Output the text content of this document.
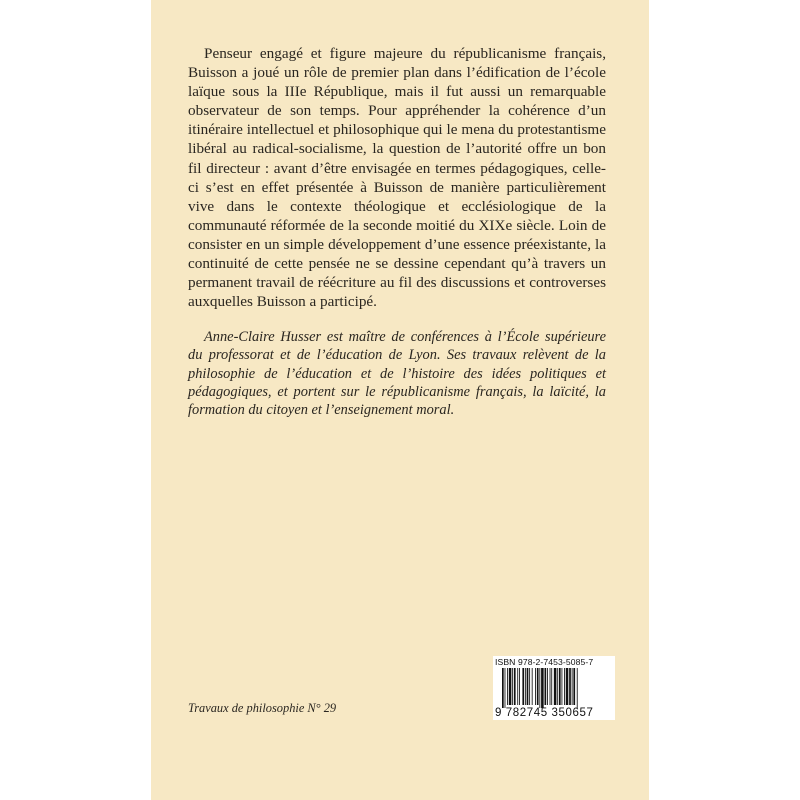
Penseur engagé et figure majeure du républicanisme français, Buisson a joué un rôle de premier plan dans l’édification de l’école laïque sous la IIIe République, mais il fut aussi un remarquable observateur de son temps. Pour appréhender la cohérence d’un itinéraire intellectuel et philosophique qui le mena du protestantisme libéral au radical-socialisme, la question de l’autorité offre un bon fil directeur : avant d’être envisagée en termes pédagogiques, celle-ci s’est en effet présentée à Buisson de manière particulièrement vive dans le contexte théologique et ecclésiologique de la communauté réformée de la seconde moitié du XIXe siècle. Loin de consister en un simple développement d’une essence préexistante, la continuité de cette pensée ne se dessine cependant qu’à travers un permanent travail de réécriture au fil des discussions et controverses auxquelles Buisson a participé.

Anne-Claire Husser est maître de conférences à l’École supérieure du professorat et de l’éducation de Lyon. Ses travaux relèvent de la philosophie de l’éducation et de l’histoire des idées politiques et pédagogiques, et portent sur le républicanisme français, la laïcité, la formation du citoyen et l’enseignement moral.

Travaux de philosophie N° 29
ISBN 978-2-7453-5085-7
9 782745 350657
